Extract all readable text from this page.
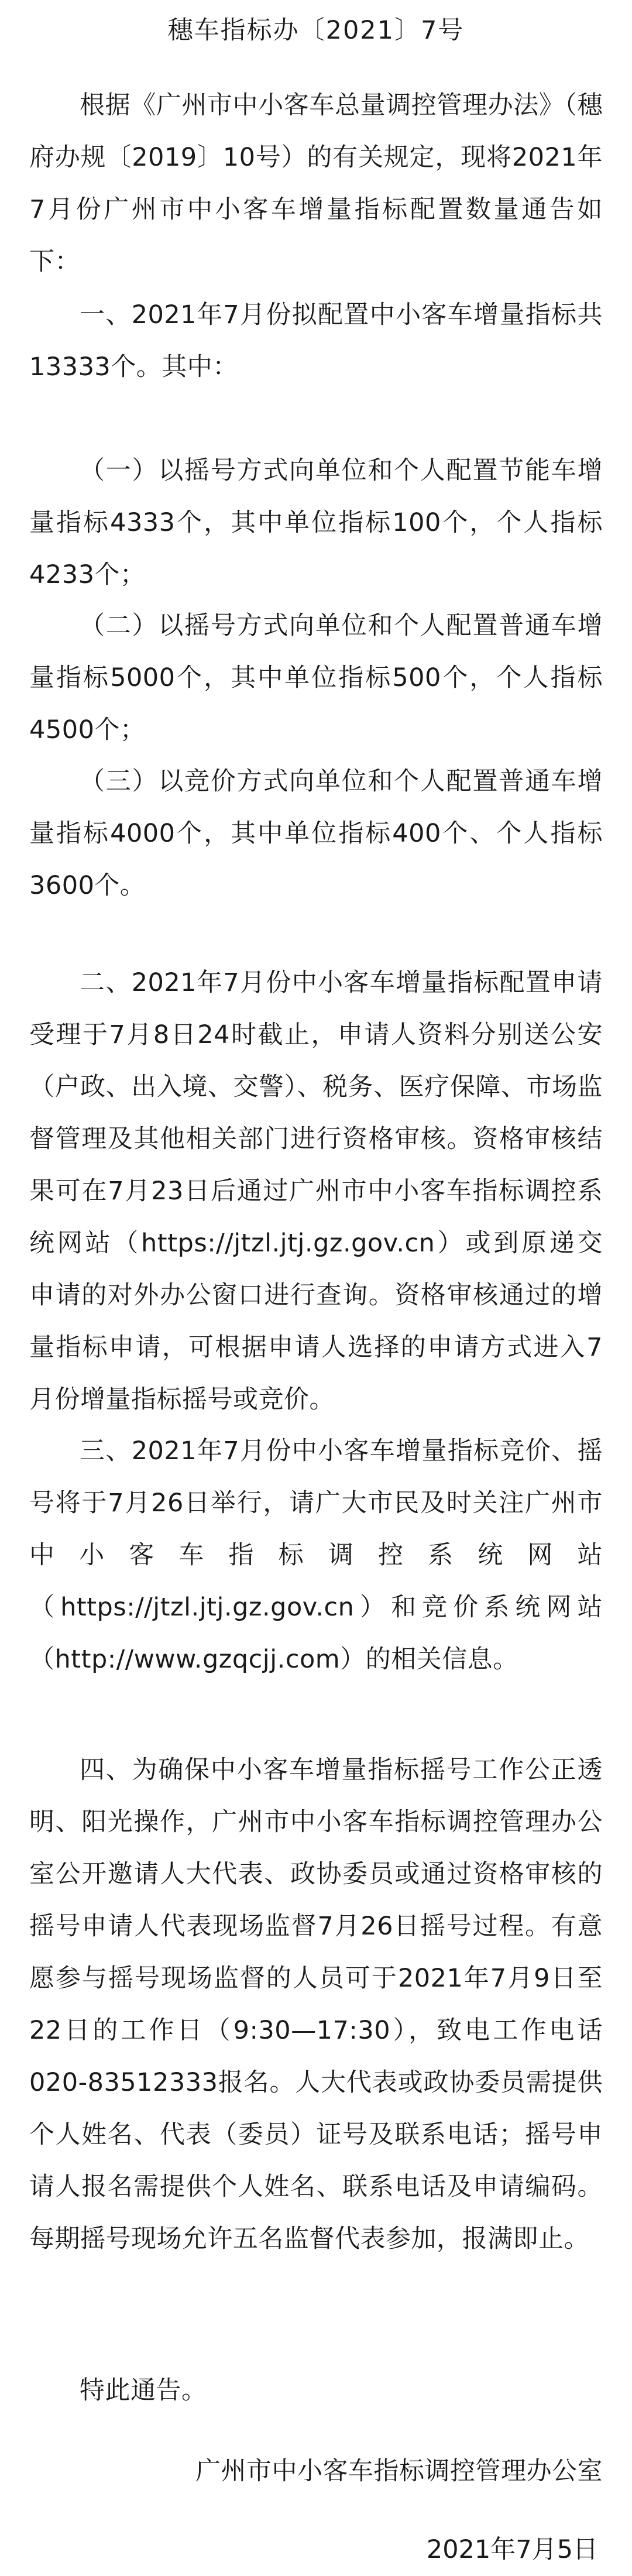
穗车指标办〔2021〕7号

根据《广州市中小客车总量调控管理办法》（穗府办规〔2019〕10号）的有关规定，现将2021年7月份广州市中小客车增量指标配置数量通告如下：

一、2021年7月份拟配置中小客车增量指标共13333个。其中：

（一）以摇号方式向单位和个人配置节能车增量指标4333个，其中单位指标100个，个人指标4233个；

（二）以摇号方式向单位和个人配置普通车增量指标5000个，其中单位指标500个，个人指标4500个；

（三）以竞价方式向单位和个人配置普通车增量指标4000个，其中单位指标400个、个人指标3600个。

二、2021年7月份中小客车增量指标配置申请受理于7月8日24时截止，申请人资料分别送公安（户政、出入境、交警）、税务、医疗保障、市场监督管理及其他相关部门进行资格审核。资格审核结果可在7月23日后通过广州市中小客车指标调控系统网站（https://jtzl.jtj.gz.gov.cn）或到原递交申请的对外办公窗口进行查询。资格审核通过的增量指标申请，可根据申请人选择的申请方式进入7月份增量指标摇号或竞价。

三、2021年7月份中小客车增量指标竞价、摇号将于7月26日举行，请广大市民及时关注广州市中小客车指标调控系统网站（https://jtzl.jtj.gz.gov.cn）和竞价系统网站（http://www.gzqcjj.com）的相关信息。

四、为确保中小客车增量指标摇号工作公正透明、阳光操作，广州市中小客车指标调控管理办公室公开邀请人大代表、政协委员或通过资格审核的摇号申请人代表现场监督7月26日摇号过程。有意愿参与摇号现场监督的人员可于2021年7月9日至22日的工作日（9:30—17:30），致电工作电话020-83512333报名。人大代表或政协委员需提供个人姓名、代表（委员）证号及联系电话；摇号申请人报名需提供个人姓名、联系电话及申请编码。每期摇号现场允许五名监督代表参加，报满即止。

特此通告。

广州市中小客车指标调控管理办公室
2021年7月5日
